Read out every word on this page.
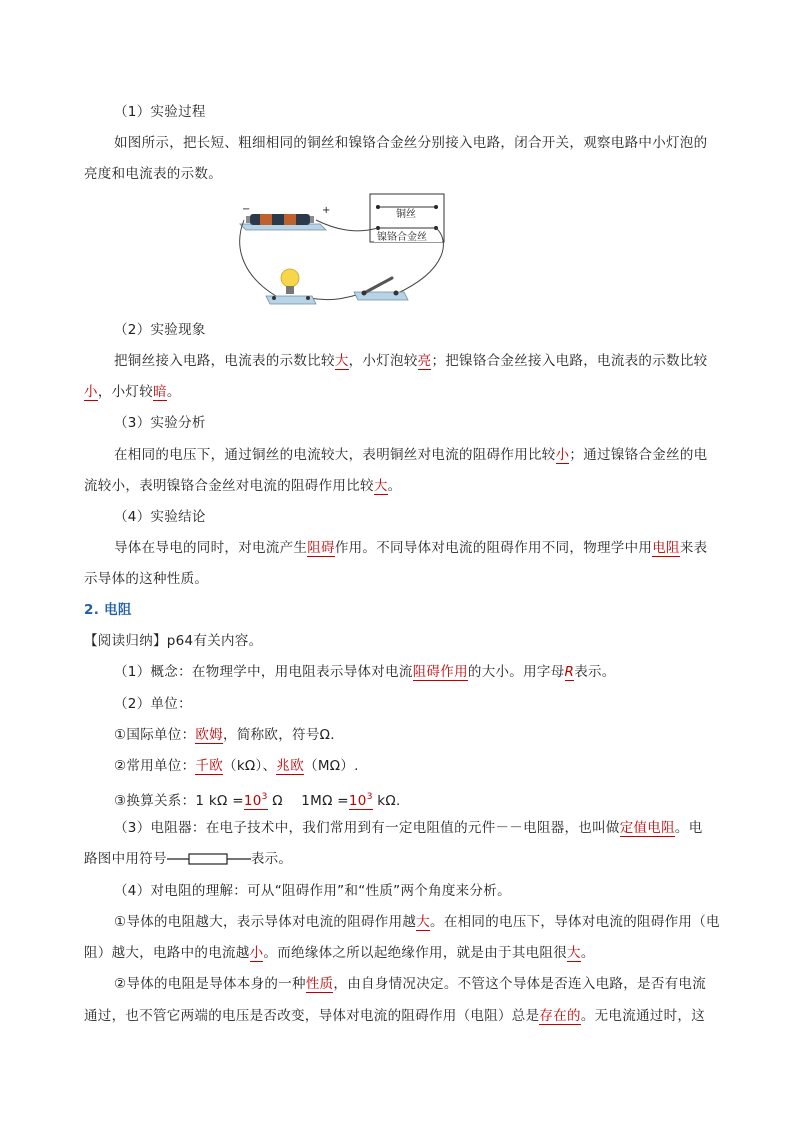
（1）实验过程
如图所示，把长短、粗细相同的铜丝和镍铬合金丝分别接入电路，闭合开关，观察电路中小灯泡的
亮度和电流表的示数。
−	+	铜丝
镍铬合金丝
（2）实验现象
把铜丝接入电路，电流表的示数比较大，小灯泡较亮；把镍铬合金丝接入电路，电流表的示数比较
小，小灯较暗。
（3）实验分析
在相同的电压下，通过铜丝的电流较大，表明铜丝对电流的阻碍作用比较小；通过镍铬合金丝的电
流较小，表明镍铬合金丝对电流的阻碍作用比较大。
（4）实验结论
导体在导电的同时，对电流产生阻碍作用。不同导体对电流的阻碍作用不同，物理学中用电阻来表
示导体的这种性质。
2. 电阻
【阅读归纳】p64有关内容。
（1）概念：在物理学中，用电阻表示导体对电流阻碍作用的大小。用字母R表示。
（2）单位：
①国际单位：欧姆，简称欧，符号Ω.
②常用单位：千欧（kΩ）、兆欧（MΩ）.
③换算关系：1 $k\Omega =10^3$ Ω　 $1M\Omega =10^3$ kΩ.
（3）电阻器：在电子技术中，我们常用到有一定电阻值的元件－－电阻器，也叫做定值电阻。电
路图中用符号	表示。
（4）对电阻的理解：可从“阻碍作用”和“性质”两个角度来分析。
①导体的电阻越大，表示导体对电流的阻碍作用越大。在相同的电压下，导体对电流的阻碍作用（电
阻）越大，电路中的电流越小。而绝缘体之所以起绝缘作用，就是由于其电阻很大。
②导体的电阻是导体本身的一种性质，由自身情况决定。不管这个导体是否连入电路，是否有电流
通过，也不管它两端的电压是否改变，导体对电流的阻碍作用（电阻）总是存在的。无电流通过时，这
